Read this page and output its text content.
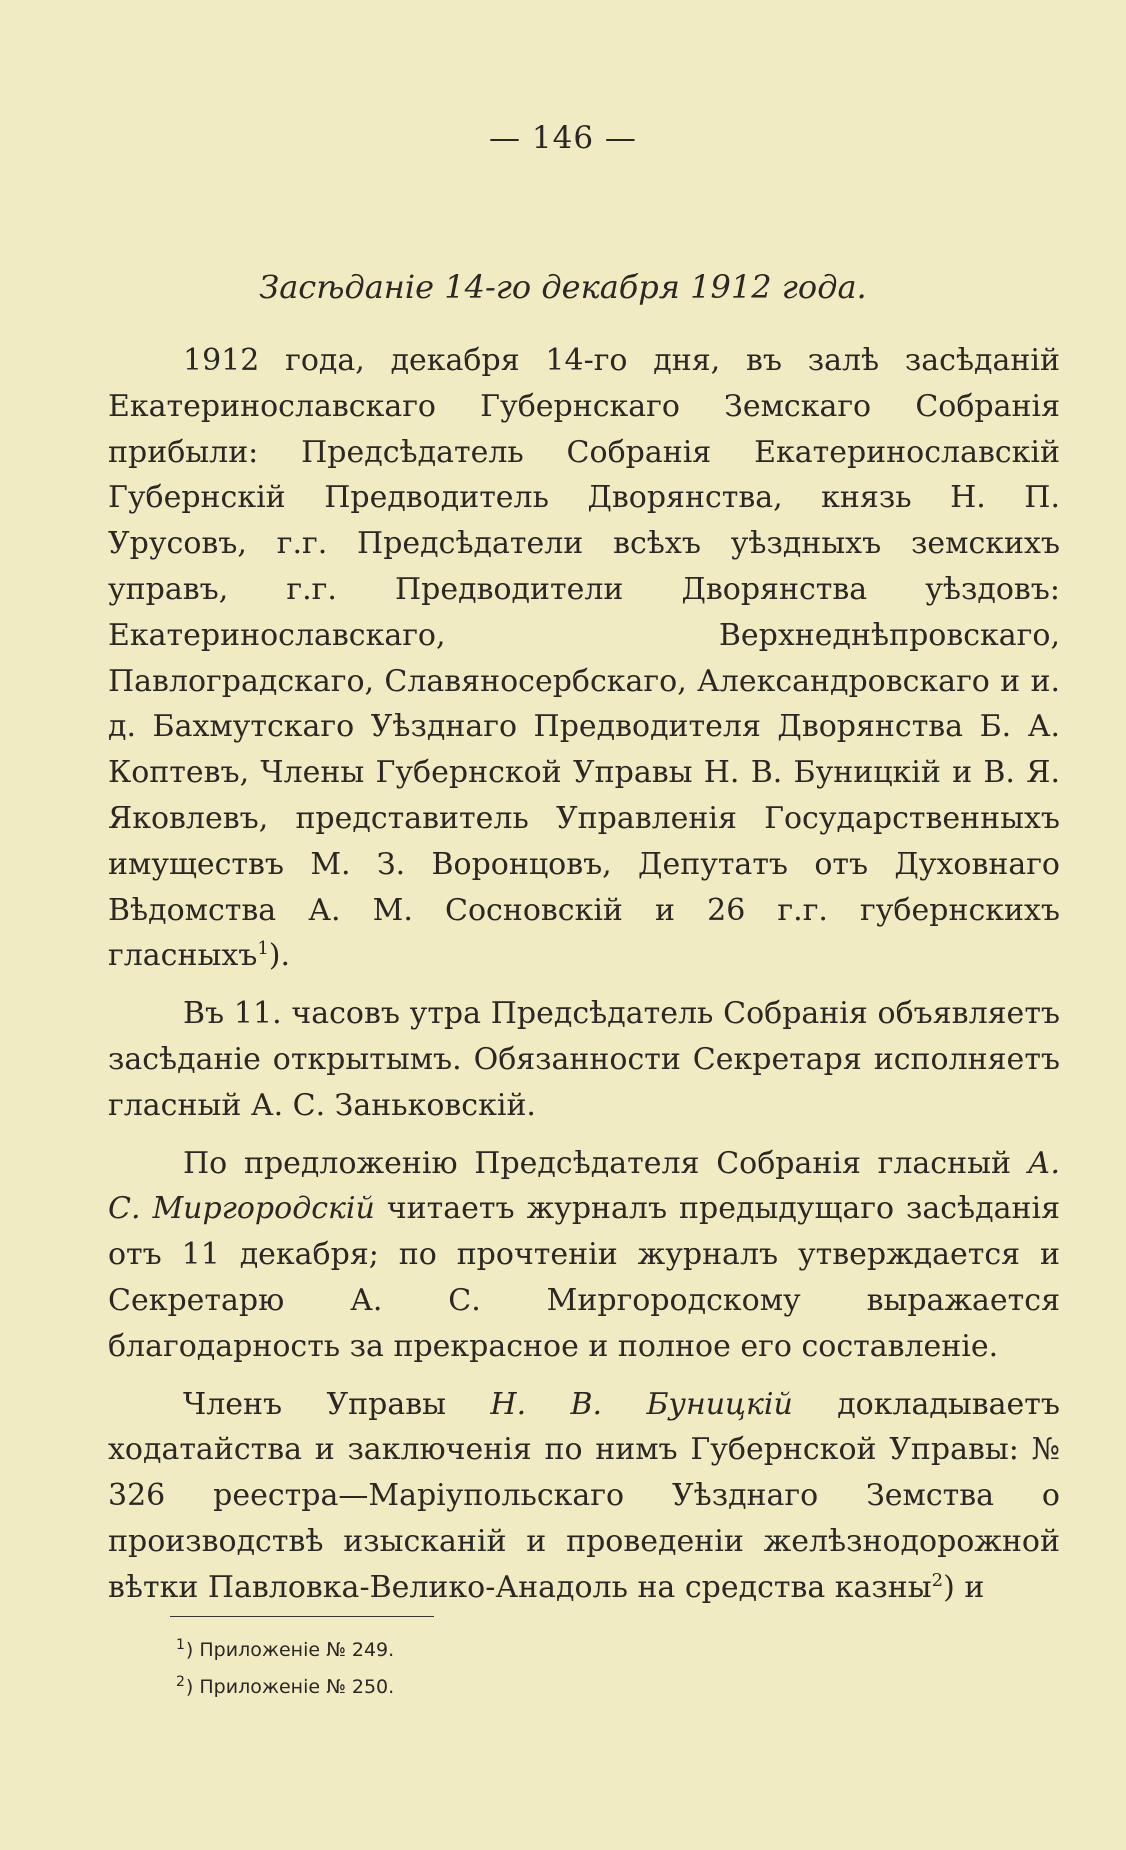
— 146 —
Засѣданіе 14-го декабря 1912 года.

1912 года, декабря 14-го дня, въ залѣ засѣданій Екатеринославскаго Губернскаго Земскаго Собранія прибыли: Предсѣдатель Собранія Екатеринославскій Губернскій Предводитель Дворянства, князь Н. П. Урусовъ, г.г. Предсѣдатели всѣхъ уѣздныхъ земскихъ управъ, г.г. Предводители Дворянства уѣздовъ: Екатеринославскаго, Верхнеднѣпровскаго, Павлоградскаго, Славяносербскаго, Александровскаго и и. д. Бахмутскаго Уѣзднаго Предводителя Дворянства Б. А. Коптевъ, Члены Губернской Управы Н. В. Буницкій и В. Я. Яковлевъ, представитель Управленія Государственныхъ имуществъ М. З. Воронцовъ, Депутатъ отъ Духовнаго Вѣдомства А. М. Сосновскій и 26 г.г. губернскихъ гласныхъ$^1$).

Въ 11. часовъ утра Предсѣдатель Собранія объявляетъ засѣданіе открытымъ. Обязанности Секретаря исполняетъ гласный А. С. Заньковскій.

По предложенію Предсѣдателя Собранія гласный А. С. Миргородскій читаетъ журналъ предыдущаго засѣданія отъ 11 декабря; по прочтеніи журналъ утверждается и Секретарю А. С. Миргородскому выражается благодарность за прекрасное и полное его составленіе.

Членъ Управы Н. В. Буницкій докладываетъ ходатайства и заключенія по нимъ Губернской Управы: № 326 реестра—Маріупольскаго Уѣзднаго Земства о производствѣ изысканій и проведеніи желѣзнодорожной вѣтки Павловка-Велико-Анадоль на средства казны$^2$) и

$^1$) Приложеніе № 249.
$^2$) Приложеніе № 250.
